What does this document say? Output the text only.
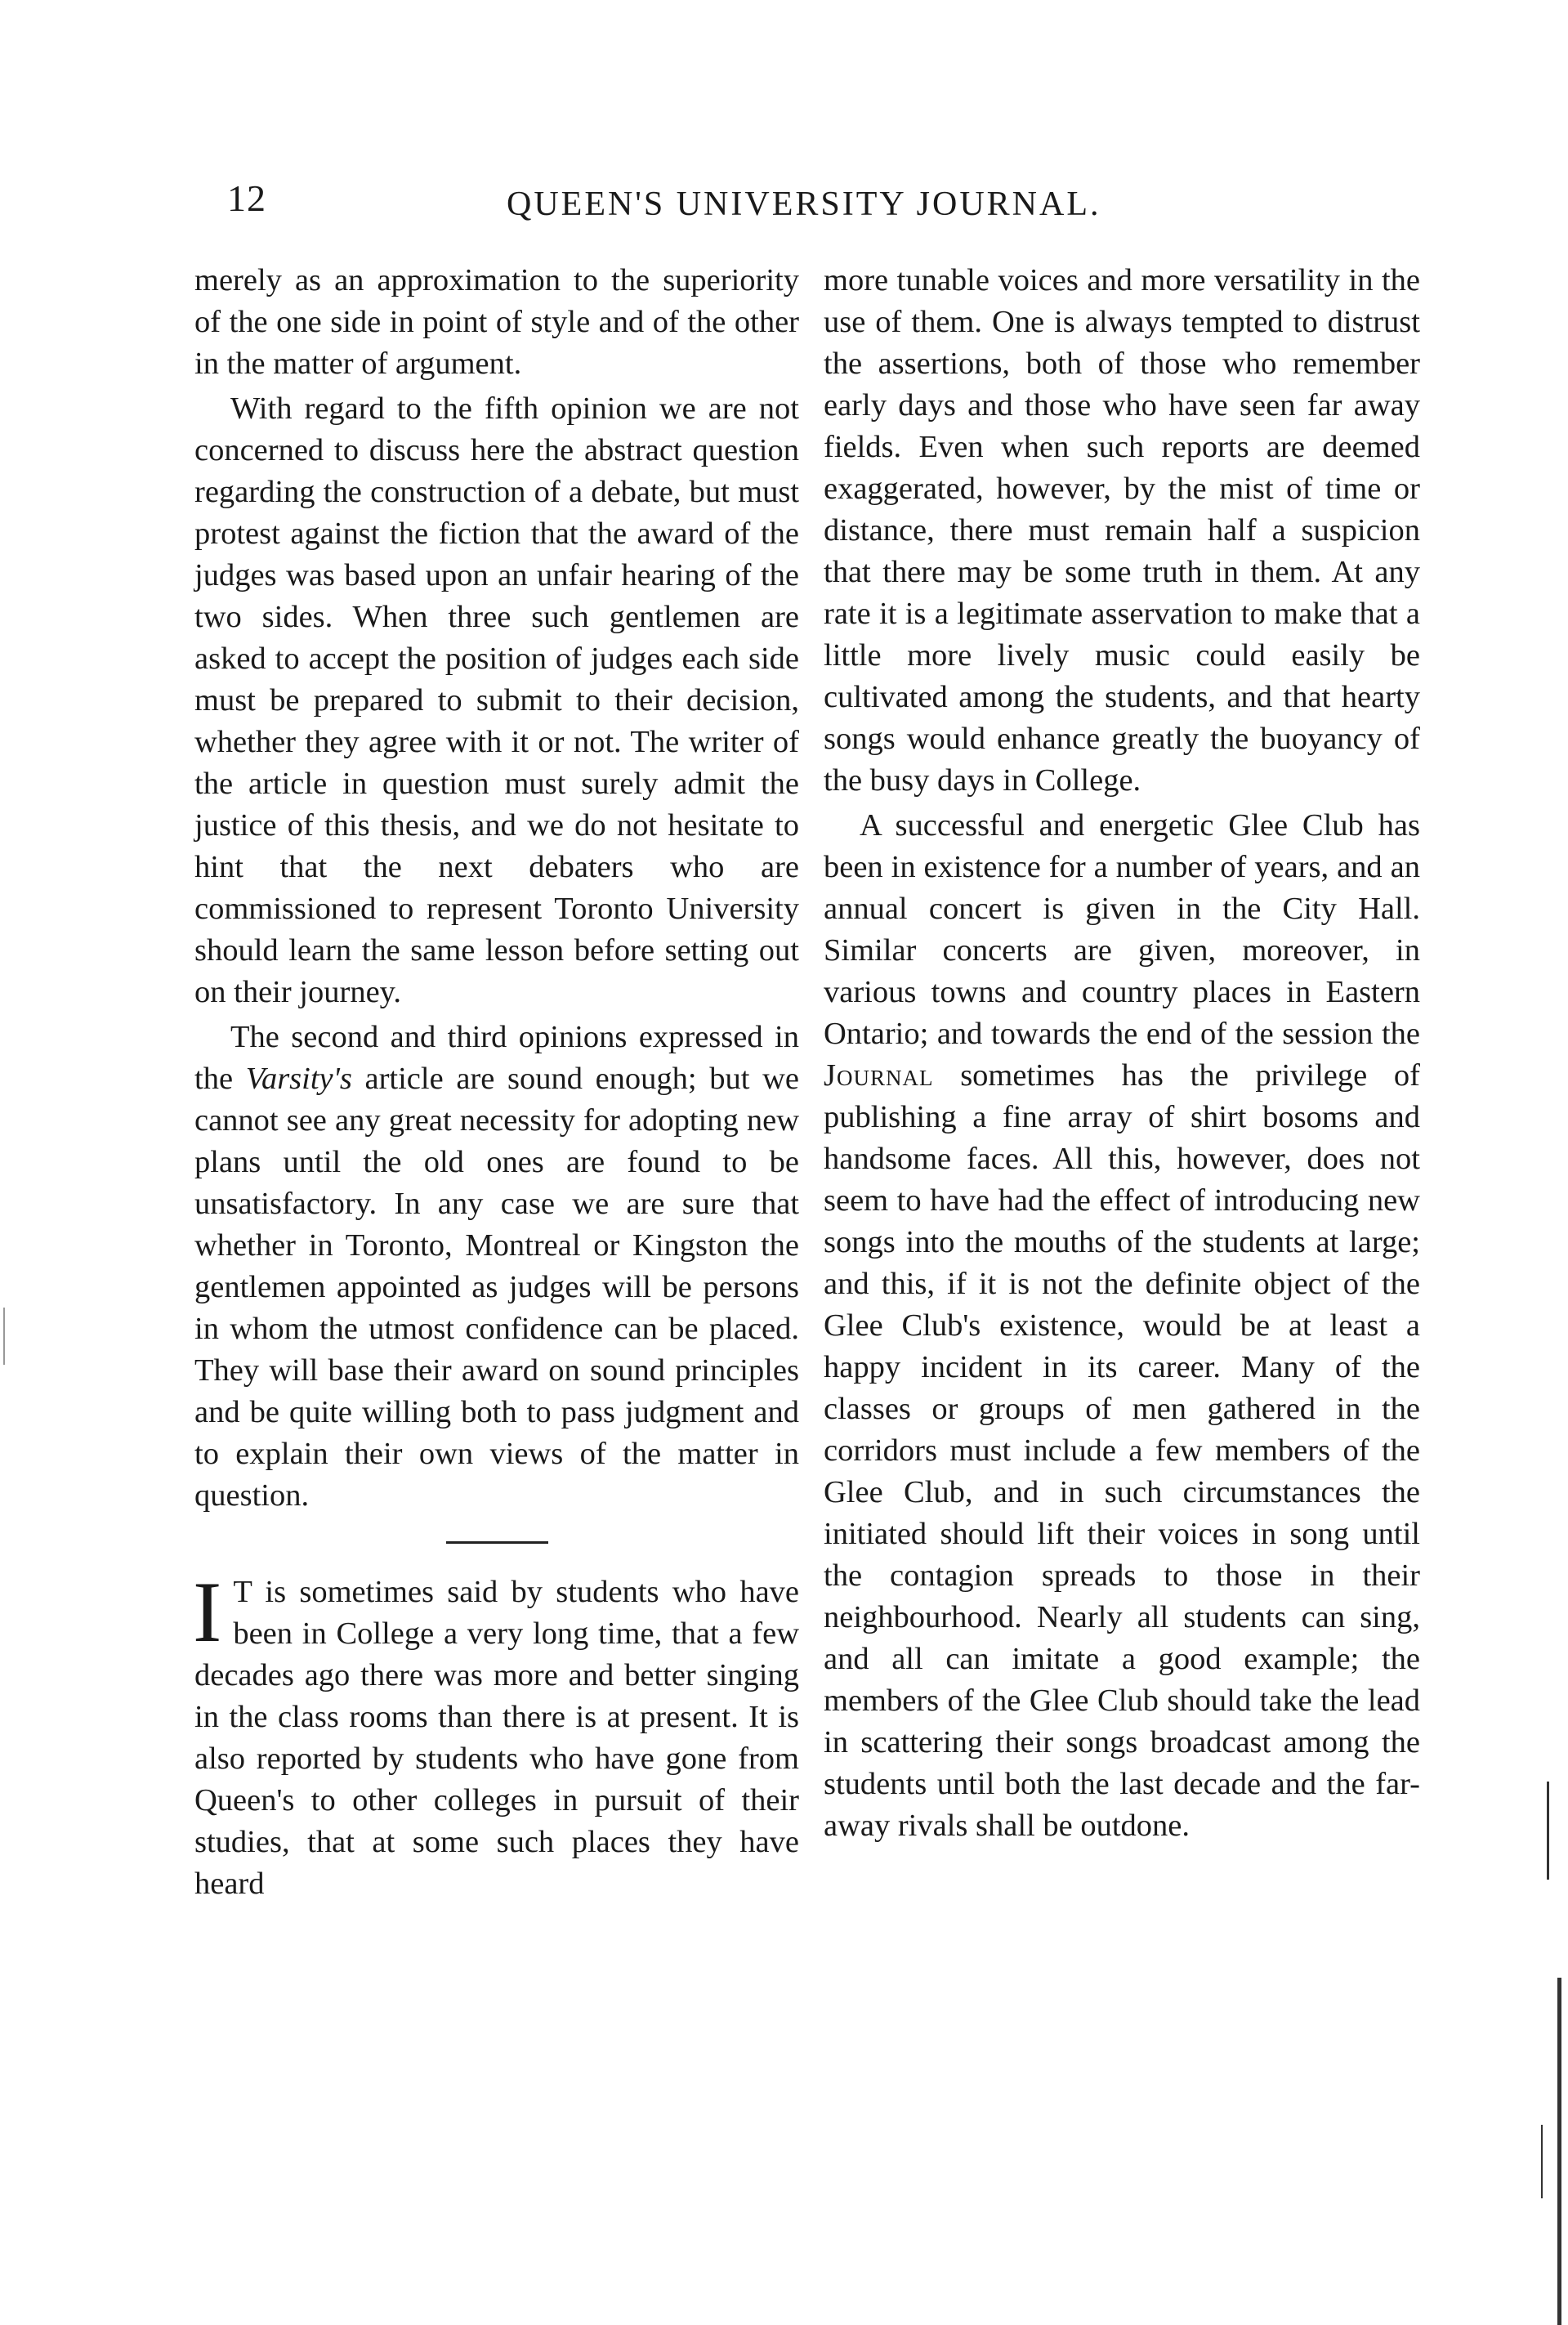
12	QUEEN'S UNIVERSITY JOURNAL.

merely as an approximation to the superiority of the one side in point of style and of the other in the matter of argument.

With regard to the fifth opinion we are not concerned to discuss here the abstract question regarding the construction of a debate, but must protest against the fiction that the award of the judges was based upon an unfair hearing of the two sides. When three such gentlemen are asked to accept the position of judges each side must be prepared to submit to their decision, whether they agree with it or not. The writer of the article in question must surely admit the justice of this thesis, and we do not hesitate to hint that the next debaters who are commissioned to represent Toronto University should learn the same lesson before setting out on their journey.

The second and third opinions expressed in the Varsity's article are sound enough; but we cannot see any great necessity for adopting new plans until the old ones are found to be unsatisfactory. In any case we are sure that whether in Toronto, Montreal or Kingston the gentlemen appointed as judges will be persons in whom the utmost confidence can be placed. They will base their award on sound principles and be quite willing both to pass judgment and to explain their own views of the matter in question.

I T is sometimes said by students who have been in College a very long time, that a few decades ago there was more and better singing in the class rooms than there is at present. It is also reported by students who have gone from Queen's to other colleges in pursuit of their studies, that at some such places they have heard

more tunable voices and more versatility in the use of them. One is always tempted to distrust the assertions, both of those who remember early days and those who have seen far away fields. Even when such reports are deemed exaggerated, however, by the mist of time or distance, there must remain half a suspicion that there may be some truth in them. At any rate it is a legitimate asservation to make that a little more lively music could easily be cultivated among the students, and that hearty songs would enhance greatly the buoyancy of the busy days in College.

A successful and energetic Glee Club has been in existence for a number of years, and an annual concert is given in the City Hall. Similar concerts are given, moreover, in various towns and country places in Eastern Ontario; and towards the end of the session the Journal sometimes has the privilege of publishing a fine array of shirt bosoms and handsome faces. All this, however, does not seem to have had the effect of introducing new songs into the mouths of the students at large; and this, if it is not the definite object of the Glee Club's existence, would be at least a happy incident in its career. Many of the classes or groups of men gathered in the corridors must include a few members of the Glee Club, and in such circumstances the initiated should lift their voices in song until the contagion spreads to those in their neighbourhood. Nearly all students can sing, and all can imitate a good example; the members of the Glee Club should take the lead in scattering their songs broadcast among the students until both the last decade and the far-away rivals shall be outdone.
